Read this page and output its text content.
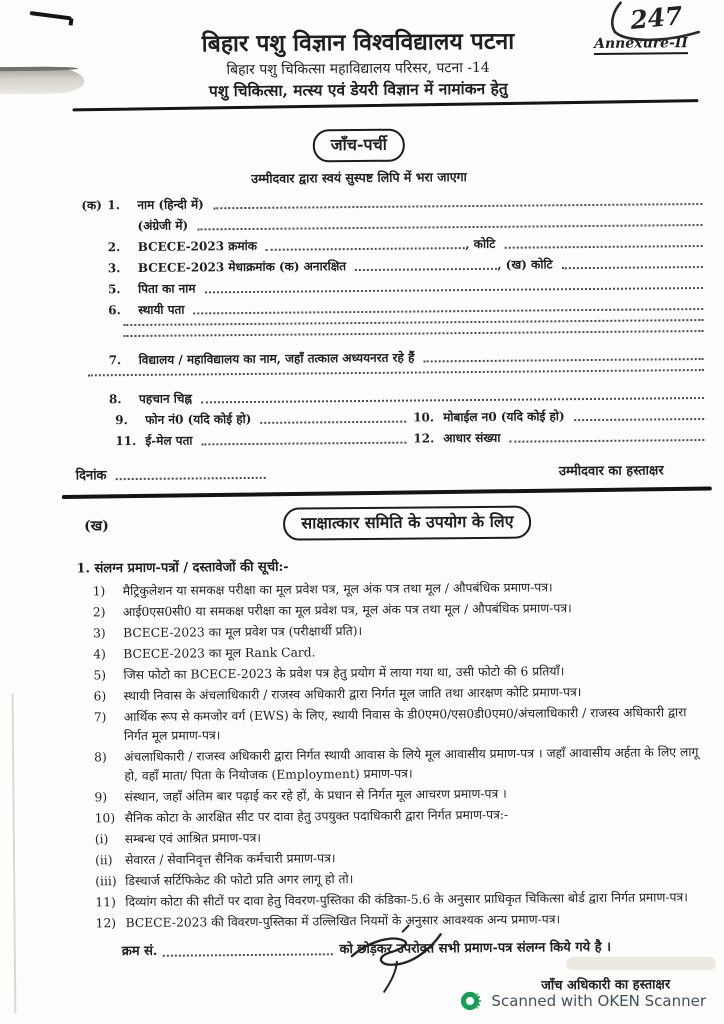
247
Annexure-II
बिहार पशु विज्ञान विश्वविद्यालय पटना
बिहार पशु चिकित्सा महाविद्यालय परिसर, पटना -14
पशु चिकित्सा, मत्स्य एवं डेयरी विज्ञान में नामांकन हेतु
जाँच-पर्ची
उम्मीदवार द्वारा स्वयं सुस्पष्ट लिपि में भरा जाएगा
(क) 1.	नाम (हिन्दी में)
(अंग्रेजी में)
2.	BCECE-2023 क्रमांक	, कोटि
3.	BCECE-2023 मेधाक्रमांक (क) अनारक्षित	, (ख) कोटि
5.	पिता का नाम
6.	स्थायी पता
7.	विद्यालय / महाविद्यालय का नाम, जहाँ तत्काल अध्ययनरत रहे हैं
8.	पहचान चिह्न
9.	फोन नं0 (यदि कोई हो)	10. मोबाईल न0 (यदि कोई हो)
11. ई-मेल पता	12. आधार संख्या
दिनांक	उम्मीदवार का हस्ताक्षर
(ख)	साक्षात्कार समिति के उपयोग के लिए
1. संलग्न प्रमाण-पत्रों / दस्तावेजों की सूची:-
1)	मैट्रिकुलेशन या समकक्ष परीक्षा का मूल प्रवेश पत्र, मूल अंक पत्र तथा मूल / औपबंधिक प्रमाण-पत्र।
2)	आई0एस0सी0 या समकक्ष परीक्षा का मूल प्रवेश पत्र, मूल अंक पत्र तथा मूल / औपबंधिक प्रमाण-पत्र।
3)	BCECE-2023 का मूल प्रवेश पत्र (परीक्षार्थी प्रति)।
4)	BCECE-2023 का मूल Rank Card.
5)	जिस फोटो का BCECE-2023 के प्रवेश पत्र हेतु प्रयोग में लाया गया था, उसी फोटो की 6 प्रतियाँ।
6)	स्थायी निवास के अंचलाधिकारी / राजस्व अधिकारी द्वारा निर्गत मूल जाति तथा आरक्षण कोटि प्रमाण-पत्र।
7)	आर्थिक रूप से कमजोर वर्ग (EWS) के लिए, स्थायी निवास के डी0एम0/एस0डी0एम0/अंचलाधिकारी / राजस्व अधिकारी द्वारा निर्गत मूल प्रमाण-पत्र।
8)	अंचलाधिकारी / राजस्व अधिकारी द्वारा निर्गत स्थायी आवास के लिये मूल आवासीय प्रमाण-पत्र । जहाँ आवासीय अर्हता के लिए लागू हो, वहाँ माता/ पिता के नियोजक (Employment) प्रमाण-पत्र।
9)	संस्थान, जहाँ अंतिम बार पढ़ाई कर रहे हों, के प्रधान से निर्गत मूल आचरण प्रमाण-पत्र ।
10) सैनिक कोटा के आरक्षित सीट पर दावा हेतु उपयुक्त पदाधिकारी द्वारा निर्गत प्रमाण-पत्र:-
(i)	सम्बन्ध एवं आश्रित प्रमाण-पत्र।
(ii)	सेवारत / सेवानिवृत्त सैनिक कर्मचारी प्रमाण-पत्र।
(iii) डिस्चार्ज सर्टिफिकेट की फोटो प्रति अगर लागू हो तो।
11) दिव्यांग कोटा की सीटों पर दावा हेतु विवरण-पुस्तिका की कंडिका-5.6 के अनुसार प्राधिकृत चिकित्सा बोर्ड द्वारा निर्गत प्रमाण-पत्र।
12) BCECE-2023 की विवरण-पुस्तिका में उल्लिखित नियमों के अनुसार आवश्यक अन्य प्रमाण-पत्र।
क्रम सं.	को छोड़कर उपरोक्त सभी प्रमाण-पत्र संलग्न किये गये है ।
जाँच अधिकारी का हस्ताक्षर
Scanned with OKEN Scanner
